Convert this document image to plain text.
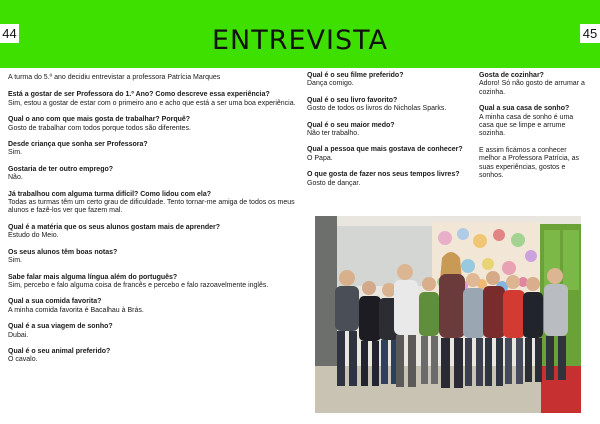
44	ENTREVISTA	45
A turma do 5.º ano decidiu entrevistar a professora Patrícia Marques
Está a gostar de ser Professora do 1.º Ano? Como descreve essa experiência?
Sim, estou a gostar de estar com o primeiro ano e acho que está a ser uma boa experiência.
Qual o ano com que mais gosta de trabalhar? Porquê?
Gosto de trabalhar com todos porque todos são diferentes.
Desde criança que sonha ser Professora?
Sim.
Gostaria de ter outro emprego?
Não.
Já trabalhou com alguma turma difícil? Como lidou com ela?
Todas as turmas têm um certo grau de dificuldade. Tento tornar-me amiga de todos os meus alunos e fazê-los ver que fazem mal.
Qual é a matéria que os seus alunos gostam mais de aprender?
Estudo do Meio.
Os seus alunos têm boas notas?
Sim.
Sabe falar mais alguma língua além do português?
Sim, percebo e falo alguma coisa de francês e percebo e falo razoavelmente inglês.
Qual a sua comida favorita?
A minha comida favorita é Bacalhau à Brás.
Qual é a sua viagem de sonho?
Dubai.
Qual é o seu animal preferido?
O cavalo.
Qual é o seu filme preferido?
Dança comigo.
Qual é o seu livro favorito?
Gosto de todos os livros do Nicholas Sparks.
Qual é o seu maior medo?
Não ter trabalho.
Qual a pessoa que mais gostava de conhecer?
O Papa.
O que gosta de fazer nos seus tempos livres?
Gosto de dançar.
Gosta de cozinhar?
Adoro! Só não gosto de arrumar a cozinha.
Qual a sua casa de sonho?
A minha casa de sonho é uma casa que se limpe e arrume sozinha.
E assim ficámos a conhecer melhor a Professora Patrícia, as suas experiências, gostos e sonhos.
